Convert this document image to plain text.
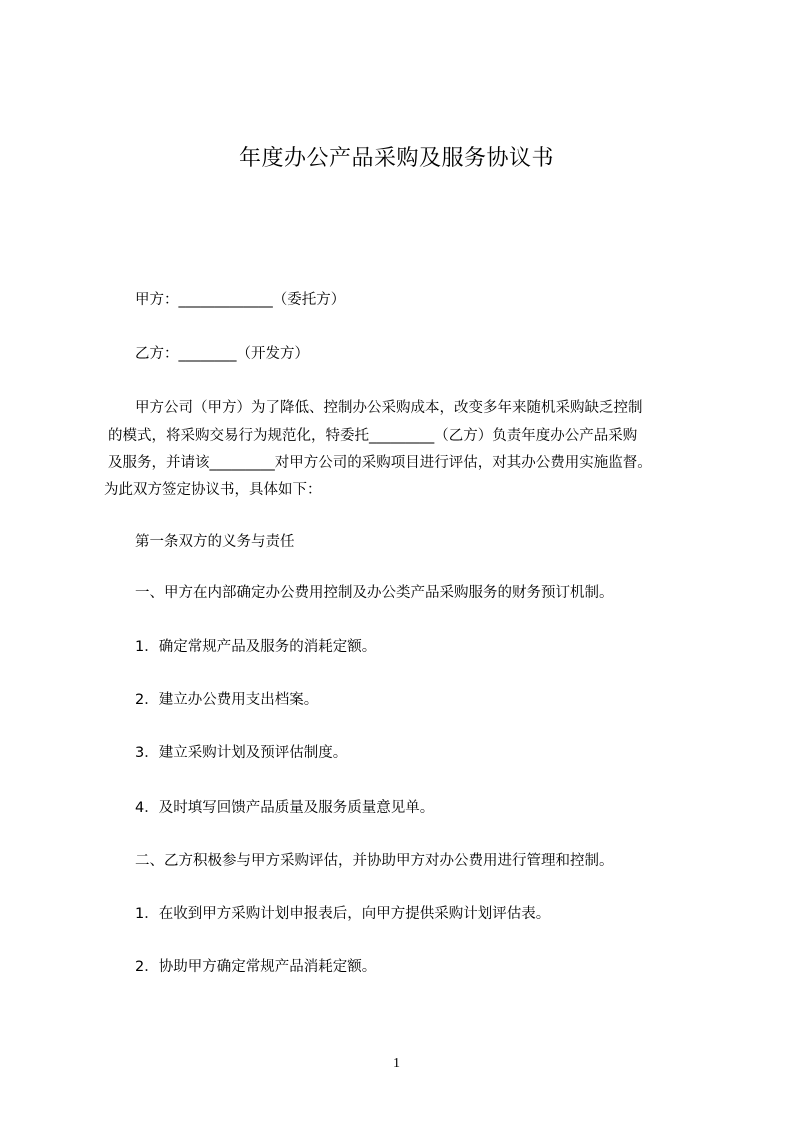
年度办公产品采购及服务协议书
甲方：_____________（委托方）
乙方：________（开发方）
甲方公司（甲方）为了降低、控制办公采购成本，改变多年来随机采购缺乏控制
的模式，将采购交易行为规范化，特委托_________（乙方）负责年度办公产品采购
及服务，并请该_________对甲方公司的采购项目进行评估，对其办公费用实施监督。
为此双方签定协议书，具体如下：
第一条双方的义务与责任
一、甲方在内部确定办公费用控制及办公类产品采购服务的财务预订机制。
1．确定常规产品及服务的消耗定额。
2．建立办公费用支出档案。
3．建立采购计划及预评估制度。
4．及时填写回馈产品质量及服务质量意见单。
二、乙方积极参与甲方采购评估，并协助甲方对办公费用进行管理和控制。
1．在收到甲方采购计划申报表后，向甲方提供采购计划评估表。
2．协助甲方确定常规产品消耗定额。
1
